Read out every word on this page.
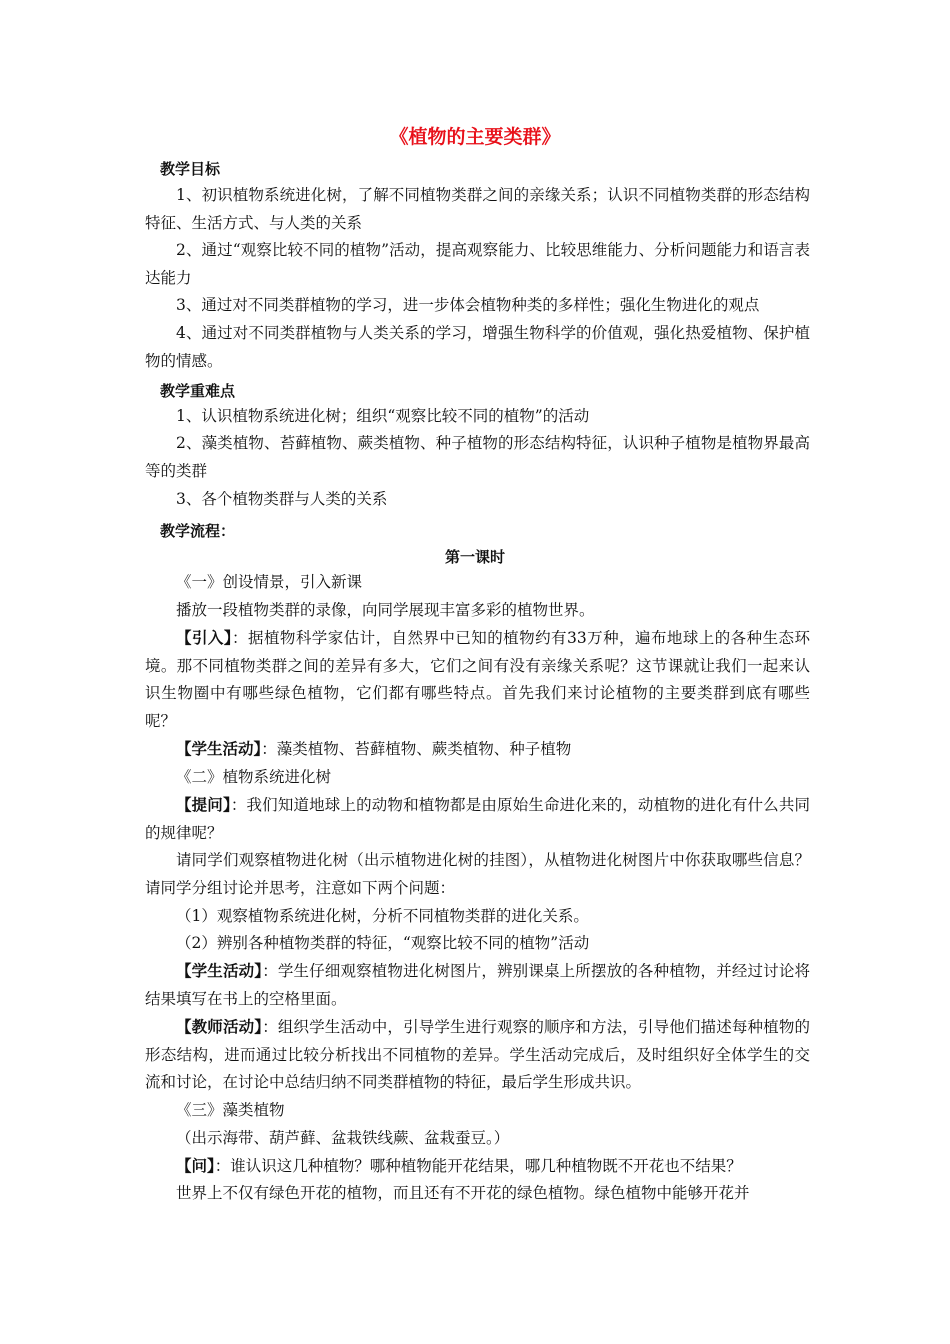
《植物的主要类群》
教学目标

1、初识植物系统进化树，了解不同植物类群之间的亲缘关系；认识不同植物类群的形态结构特征、生活方式、与人类的关系

2、通过“观察比较不同的植物”活动，提高观察能力、比较思维能力、分析问题能力和语言表达能力

3、通过对不同类群植物的学习，进一步体会植物种类的多样性；强化生物进化的观点

4、通过对不同类群植物与人类关系的学习，增强生物科学的价值观，强化热爱植物、保护植物的情感。

教学重难点

1、认识植物系统进化树；组织“观察比较不同的植物”的活动

2、藻类植物、苔藓植物、蕨类植物、种子植物的形态结构特征，认识种子植物是植物界最高等的类群

3、各个植物类群与人类的关系

教学流程：
第一课时

《一》创设情景，引入新课

播放一段植物类群的录像，向同学展现丰富多彩的植物世界。

【引入】：据植物科学家估计，自然界中已知的植物约有33万种，遍布地球上的各种生态环境。那不同植物类群之间的差异有多大，它们之间有没有亲缘关系呢？这节课就让我们一起来认识生物圈中有哪些绿色植物，它们都有哪些特点。首先我们来讨论植物的主要类群到底有哪些呢？

【学生活动】：藻类植物、苔藓植物、蕨类植物、种子植物

《二》植物系统进化树

【提问】：我们知道地球上的动物和植物都是由原始生命进化来的，动植物的进化有什么共同的规律呢？

请同学们观察植物进化树（出示植物进化树的挂图），从植物进化树图片中你获取哪些信息？请同学分组讨论并思考，注意如下两个问题：

（1）观察植物系统进化树，分析不同植物类群的进化关系。

（2）辨别各种植物类群的特征，“观察比较不同的植物”活动

【学生活动】：学生仔细观察植物进化树图片，辨别课桌上所摆放的各种植物，并经过讨论将结果填写在书上的空格里面。

【教师活动】：组织学生活动中，引导学生进行观察的顺序和方法，引导他们描述每种植物的形态结构，进而通过比较分析找出不同植物的差异。学生活动完成后，及时组织好全体学生的交流和讨论，在讨论中总结归纳不同类群植物的特征，最后学生形成共识。

《三》藻类植物

（出示海带、葫芦藓、盆栽铁线蕨、盆栽蚕豆。）

【问】：谁认识这几种植物？哪种植物能开花结果，哪几种植物既不开花也不结果？

世界上不仅有绿色开花的植物，而且还有不开花的绿色植物。绿色植物中能够开花并
